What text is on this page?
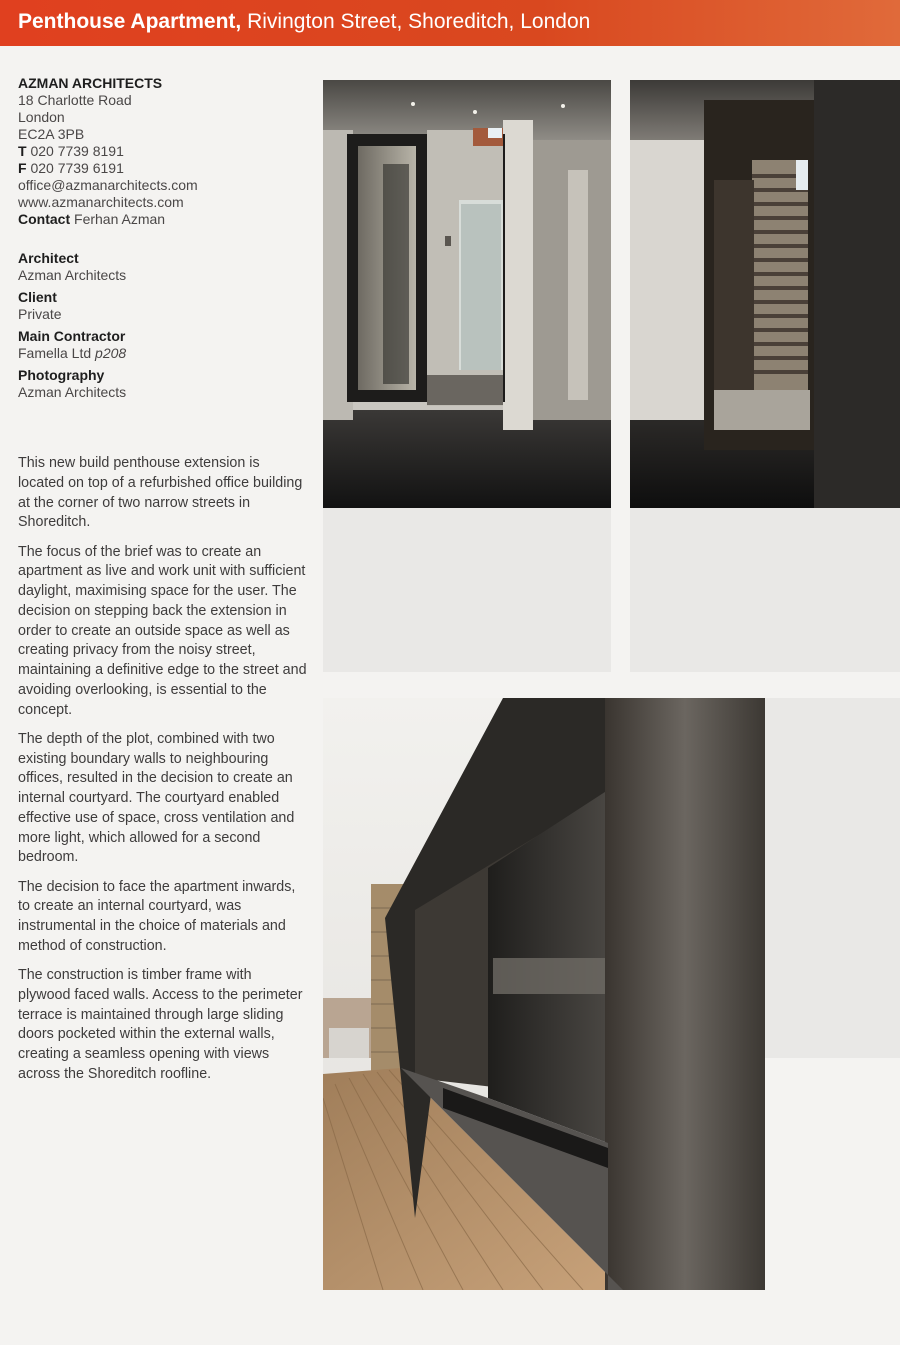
Penthouse Apartment, Rivington Street, Shoreditch, London
AZMAN ARCHITECTS
18 Charlotte Road
London
EC2A 3PB
T 020 7739 8191
F 020 7739 6191
office@azmanarchitects.com
www.azmanarchitects.com
Contact Ferhan Azman
Architect
Azman Architects
Client
Private
Main Contractor
Famella Ltd p208
Photography
Azman Architects

This new build penthouse extension is located on top of a refurbished office building at the corner of two narrow streets in Shoreditch.

The focus of the brief was to create an apartment as live and work unit with sufficient daylight, maximising space for the user. The decision on stepping back the extension in order to create an outside space as well as creating privacy from the noisy street, maintaining a definitive edge to the street and avoiding overlooking, is essential to the concept.

The depth of the plot, combined with two existing boundary walls to neighbouring offices, resulted in the decision to create an internal courtyard. The courtyard enabled effective use of space, cross ventilation and more light, which allowed for a second bedroom.

The decision to face the apartment inwards, to create an internal courtyard, was instrumental in the choice of materials and method of construction.

The construction is timber frame with plywood faced walls. Access to the perimeter terrace is maintained through large sliding doors pocketed within the external walls, creating a seamless opening with views across the Shoreditch roofline.
